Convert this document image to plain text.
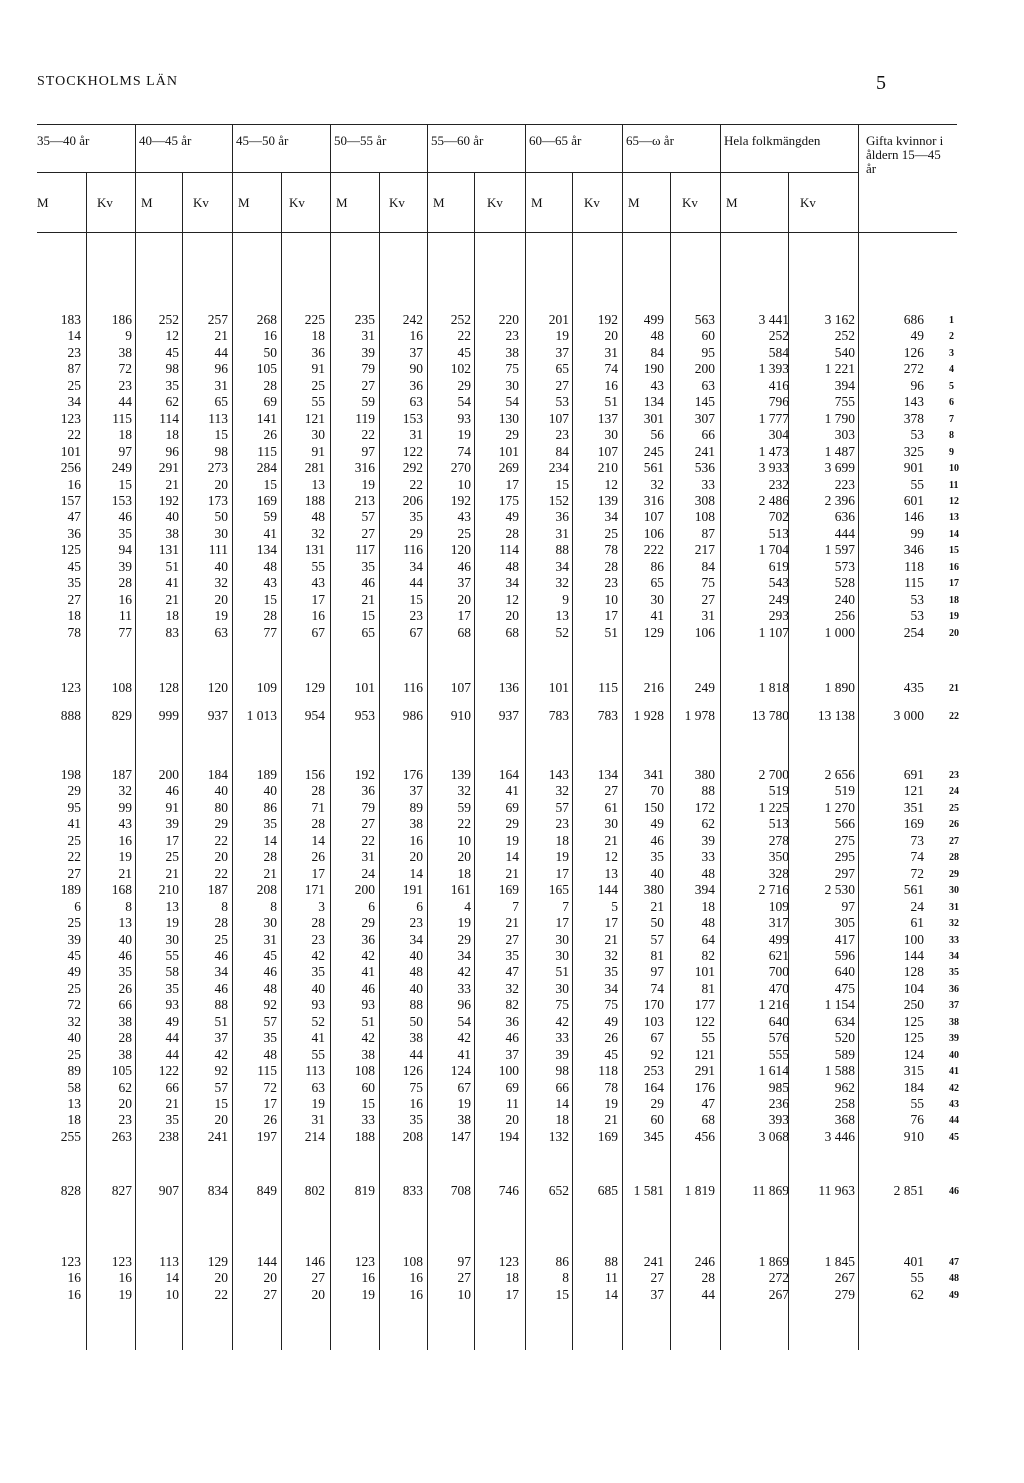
STOCKHOLMS LÄN	5
35—40 år	40—45 år	45—50 år	50—55 år	55—60 år	60—65 år	65—ω år	Hela folkmängden
M	Kv M	Kv M	Kv M	Kv M	Kv M	Kv M	Kv M	Kv
Gifta kvinnor i åldern 15—45 år
183	186	252	257	268	225	235	242	252	220	201	192	499	563	3 441	3 162	686	1
14	9	12	21	16	18	31	16	22	23	19	20	48	60	252	252	49	2
23	38	45	44	50	36	39	37	45	38	37	31	84	95	584	540	126	3
87	72	98	96	105	91	79	90	102	75	65	74	190	200	1 393	1 221	272	4
25	23	35	31	28	25	27	36	29	30	27	16	43	63	416	394	96	5
34	44	62	65	69	55	59	63	54	54	53	51	134	145	796	755	143	6
123	115	114	113	141	121	119	153	93	130	107	137	301	307	1 777	1 790	378	7
22	18	18	15	26	30	22	31	19	29	23	30	56	66	304	303	53	8
101	97	96	98	115	91	97	122	74	101	84	107	245	241	1 473	1 487	325	9
256	249	291	273	284	281	316	292	270	269	234	210	561	536	3 933	3 699	901	10
16	15	21	20	15	13	19	22	10	17	15	12	32	33	232	223	55	11
157	153	192	173	169	188	213	206	192	175	152	139	316	308	2 486	2 396	601	12
47	46	40	50	59	48	57	35	43	49	36	34	107	108	702	636	146	13
36	35	38	30	41	32	27	29	25	28	31	25	106	87	513	444	99	14
125	94	131	111	134	131	117	116	120	114	88	78	222	217	1 704	1 597	346	15
45	39	51	40	48	55	35	34	46	48	34	28	86	84	619	573	118	16
35	28	41	32	43	43	46	44	37	34	32	23	65	75	543	528	115	17
27	16	21	20	15	17	21	15	20	12	9	10	30	27	249	240	53	18
18	11	18	19	28	16	15	23	17	20	13	17	41	31	293	256	53	19
78	77	83	63	77	67	65	67	68	68	52	51	129	106	1 107	1 000	254	20
123	108	128	120	109	129	101	116	107	136	101	115	216	249	1 818	1 890	435	21
888	829	999	937	1 013	954	953	986	910	937	783	783	1 928	1 978	13 780	13 138	3 000	22
198	187	200	184	189	156	192	176	139	164	143	134	341	380	2 700	2 656	691	23
29	32	46	40	40	28	36	37	32	41	32	27	70	88	519	519	121	24
95	99	91	80	86	71	79	89	59	69	57	61	150	172	1 225	1 270	351	25
41	43	39	29	35	28	27	38	22	29	23	30	49	62	513	566	169	26
25	16	17	22	14	14	22	16	10	19	18	21	46	39	278	275	73	27
22	19	25	20	28	26	31	20	20	14	19	12	35	33	350	295	74	28
27	21	21	22	21	17	24	14	18	21	17	13	40	48	328	297	72	29
189	168	210	187	208	171	200	191	161	169	165	144	380	394	2 716	2 530	561	30
6	8	13	8	8	3	6	6	4	7	7	5	21	18	109	97	24	31
25	13	19	28	30	28	29	23	19	21	17	17	50	48	317	305	61	32
39	40	30	25	31	23	36	34	29	27	30	21	57	64	499	417	100	33
45	46	55	46	45	42	42	40	34	35	30	32	81	82	621	596	144	34
49	35	58	34	46	35	41	48	42	47	51	35	97	101	700	640	128	35
25	26	35	46	48	40	46	40	33	32	30	34	74	81	470	475	104	36
72	66	93	88	92	93	93	88	96	82	75	75	170	177	1 216	1 154	250	37
32	38	49	51	57	52	51	50	54	36	42	49	103	122	640	634	125	38
40	28	44	37	35	41	42	38	42	46	33	26	67	55	576	520	125	39
25	38	44	42	48	55	38	44	41	37	39	45	92	121	555	589	124	40
89	105	122	92	115	113	108	126	124	100	98	118	253	291	1 614	1 588	315	41
58	62	66	57	72	63	60	75	67	69	66	78	164	176	985	962	184	42
13	20	21	15	17	19	15	16	19	11	14	19	29	47	236	258	55	43
18	23	35	20	26	31	33	35	38	20	18	21	60	68	393	368	76	44
255	263	238	241	197	214	188	208	147	194	132	169	345	456	3 068	3 446	910	45
828	827	907	834	849	802	819	833	708	746	652	685	1 581	1 819	11 869	11 963	2 851	46
123	123	113	129	144	146	123	108	97	123	86	88	241	246	1 869	1 845	401	47
16	16	14	20	20	27	16	16	27	18	8	11	27	28	272	267	55	48
16	19	10	22	27	20	19	16	10	17	15	14	37	44	267	279	62	49
